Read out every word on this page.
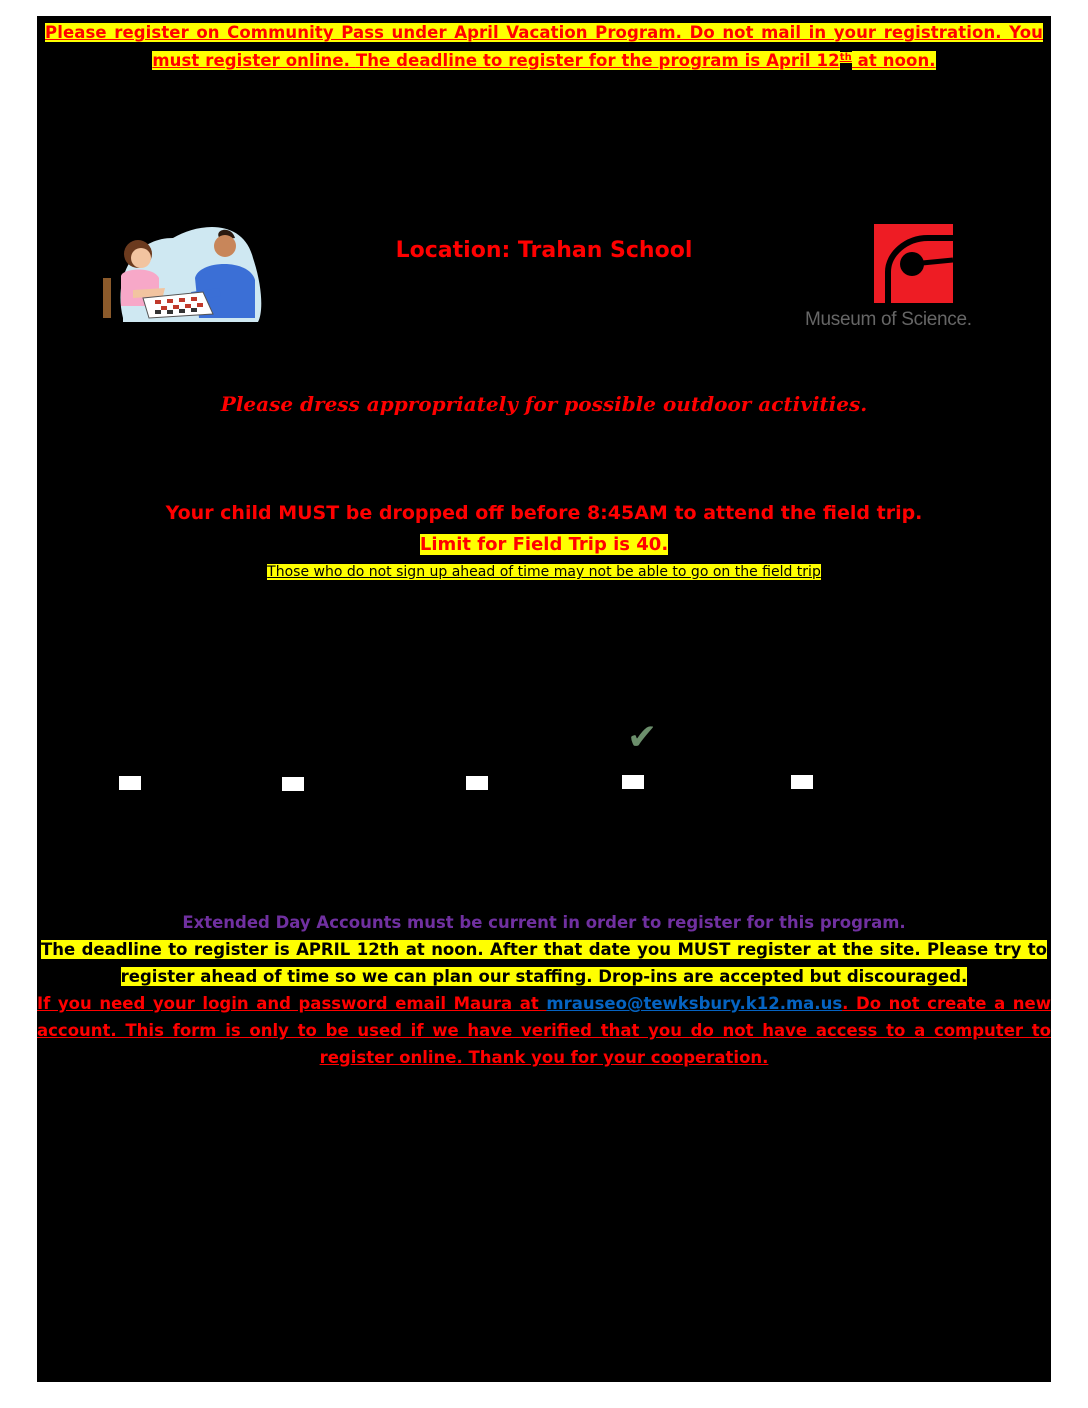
Please register on Community Pass under April Vacation Program. Do not mail in your registration. You must register online. The deadline to register for the program is April 12th at noon.
Location: Trahan School
Museum of Science.
Please dress appropriately for possible outdoor activities.
Your child MUST be dropped off before 8:45AM to attend the field trip.
Limit for Field Trip is 40.
Those who do not sign up ahead of time may not be able to go on the field trip
✔
Extended Day Accounts must be current in order to register for this program.
The deadline to register is APRIL 12th at noon. After that date you MUST register at the site. Please try to register ahead of time so we can plan our staffing. Drop-ins are accepted but discouraged.
If you need your login and password email Maura at mrauseo@tewksbury.k12.ma.us. Do not create a new account. This form is only to be used if we have verified that you do not have access to a computer to register online. Thank you for your cooperation.
